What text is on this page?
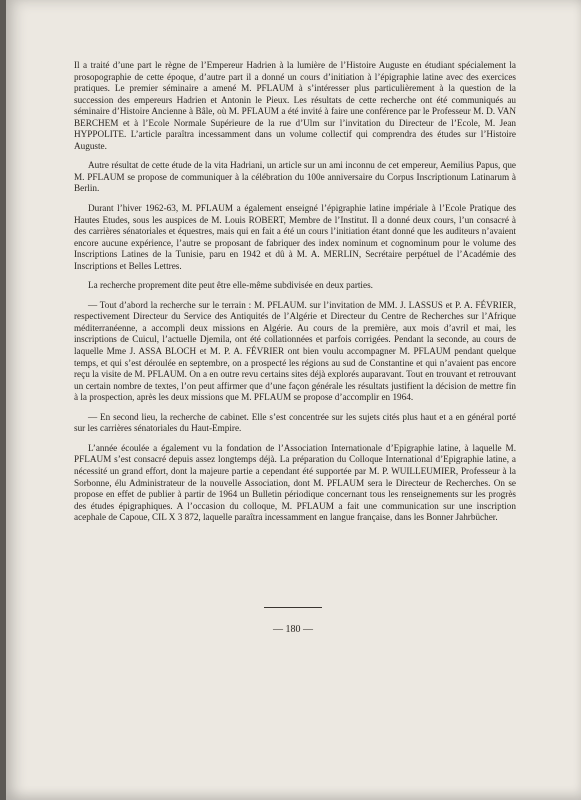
Il a traité d’une part le règne de l’Empereur Hadrien à la lumière de l’Histoire Auguste en étudiant spécialement la prosopographie de cette époque, d’autre part il a donné un cours d’initiation à l’épigraphie latine avec des exercices pratiques. Le premier séminaire a amené M. PFLAUM à s’intéresser plus particulièrement à la question de la succession des empereurs Hadrien et Antonin le Pieux. Les résultats de cette recherche ont été communiqués au séminaire d’Histoire Ancienne à Bâle, où M. PFLAUM a été invité à faire une conférence par le Professeur M. D. VAN BERCHEM et à l’Ecole Normale Supérieure de la rue d’Ulm sur l’invitation du Directeur de l’Ecole, M. Jean HYPPOLITE. L’article paraîtra incessamment dans un volume collectif qui comprendra des études sur l’Histoire Auguste.

Autre résultat de cette étude de la vita Hadriani, un article sur un ami inconnu de cet empereur, Aemilius Papus, que M. PFLAUM se propose de communiquer à la célébration du 100e anniversaire du Corpus Inscriptionum Latinarum à Berlin.

Durant l’hiver 1962-63, M. PFLAUM a également enseigné l’épigraphie latine impériale à l’Ecole Pratique des Hautes Etudes, sous les auspices de M. Louis ROBERT, Membre de l’Institut. Il a donné deux cours, l’un consacré à des carrières sénatoriales et équestres, mais qui en fait a été un cours l’initiation étant donné que les auditeurs n’avaient encore aucune expérience, l’autre se proposant de fabriquer des index nominum et cognominum pour le volume des Inscriptions Latines de la Tunisie, paru en 1942 et dû à M. A. MERLIN, Secrétaire perpétuel de l’Académie des Inscriptions et Belles Lettres.

La recherche proprement dite peut être elle-même subdivisée en deux parties.

— Tout d’abord la recherche sur le terrain : M. PFLAUM. sur l’invitation de MM. J. LASSUS et P. A. FÉVRIER, respectivement Directeur du Service des Antiquités de l’Algérie et Directeur du Centre de Recherches sur l’Afrique méditerranéenne, a accompli deux missions en Algérie. Au cours de la première, aux mois d’avril et mai, les inscriptions de Cuicul, l’actuelle Djemila, ont été collationnées et parfois corrigées. Pendant la seconde, au cours de laquelle Mme J. ASSA BLOCH et M. P. A. FÉVRIER ont bien voulu accompagner M. PFLAUM pendant quelque temps, et qui s’est déroulée en septembre, on a prospecté les régions au sud de Constantine et qui n’avaient pas encore reçu la visite de M. PFLAUM. On a en outre revu certains sites déjà explorés auparavant. Tout en trouvant et retrouvant un certain nombre de textes, l’on peut affirmer que d’une façon générale les résultats justifient la décision de mettre fin à la prospection, après les deux missions que M. PFLAUM se propose d’accomplir en 1964.

— En second lieu, la recherche de cabinet. Elle s’est concentrée sur les sujets cités plus haut et a en général porté sur les carrières sénatoriales du Haut-Empire.

L’année écoulée a également vu la fondation de l’Association Internationale d’Epigraphie latine, à laquelle M. PFLAUM s’est consacré depuis assez longtemps déjà. La préparation du Colloque International d’Epigraphie latine, a nécessité un grand effort, dont la majeure partie a cependant été supportée par M. P. WUILLEUMIER, Professeur à la Sorbonne, élu Administrateur de la nouvelle Association, dont M. PFLAUM sera le Directeur de Recherches. On se propose en effet de publier à partir de 1964 un Bulletin périodique concernant tous les renseignements sur les progrès des études épigraphiques. A l’occasion du colloque, M. PFLAUM a fait une communication sur une inscription acephale de Capoue, CIL X 3 872, laquelle paraîtra incessamment en langue française, dans les Bonner Jahrbücher.

— 180 —
